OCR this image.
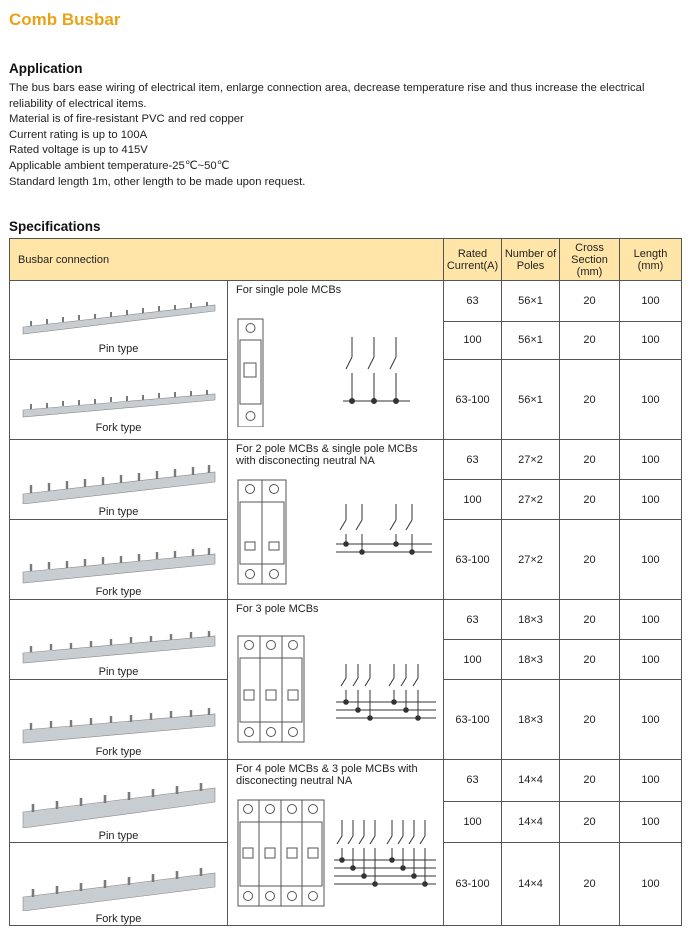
Comb Busbar
Application
The bus bars ease wiring of electrical item, enlarge connection area, decrease temperature rise and thus increase the electrical reliability of electrical items.
Material is of fire-resistant PVC and red copper
Current rating is up to 100A
Rated voltage is up to 415V
Applicable ambient temperature-25℃~50℃
Standard length 1m, other length to be made upon request.
Specifications
Busbar connection		Rated Current(A)	Number of Poles	Cross Section (mm)	Length (mm)

Pin type	For single pole MCBs	63	56×1	20	100
		100	56×1	20	100

Fork type		63-100	56×1	20	100

Pin type	For 2 pole MCBs & single pole MCBs with disconecting neutral NA	63	27×2	20	100
		100	27×2	20	100

Fork type		63-100	27×2	20	100

Pin type	For 3 pole MCBs	63	18×3	20	100
		100	18×3	20	100

Fork type		63-100	18×3	20	100

Pin type	For 4 pole MCBs & 3 pole MCBs with disconecting neutral NA	63	14×4	20	100
		100	14×4	20	100

Fork type		63-100	14×4	20	100
